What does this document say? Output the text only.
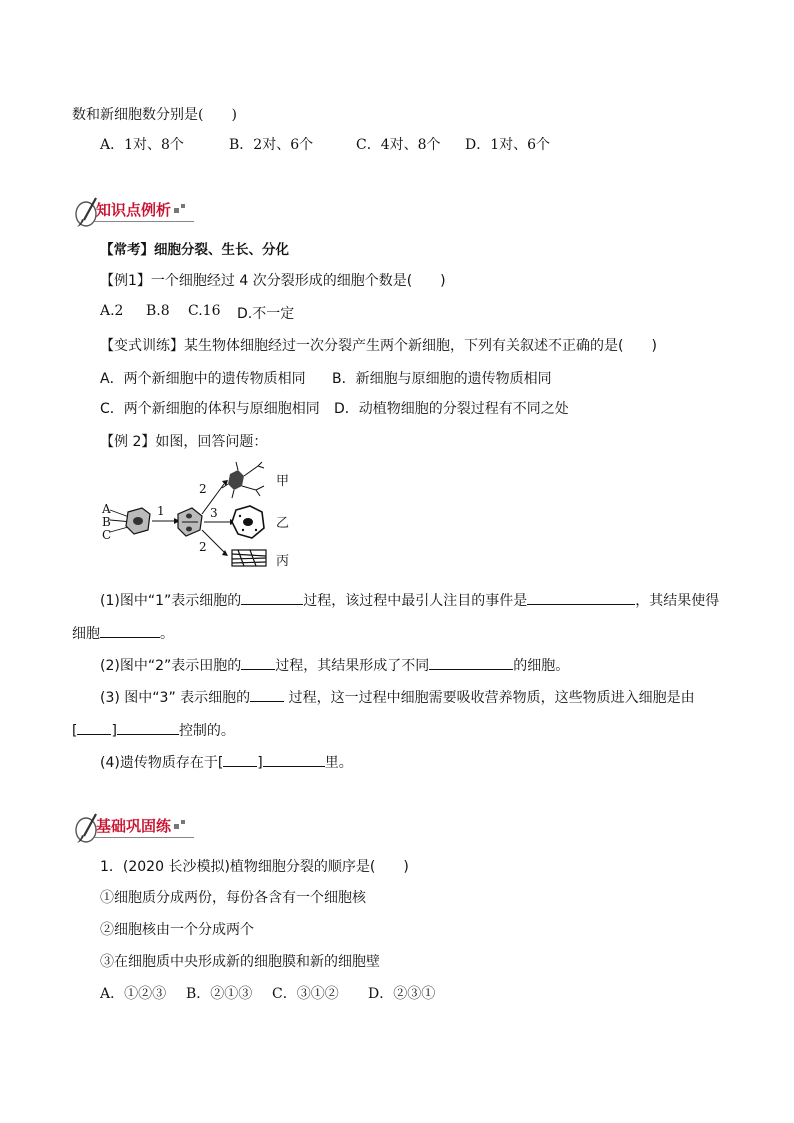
数和新细胞数分别是(　　)
A．1对、8个	B．2对、6个	C．4对、8个 D．1对、6个
知识点例析
【常考】细胞分裂、生长、分化
【例1】一个细胞经过 4 次分裂形成的细胞个数是(　　)
A.2 B.8 C.16 D.不一定
【变式训练】某生物体细胞经过一次分裂产生两个新细胞，下列有关叙述不正确的是(　　)
A．两个新细胞中的遗传物质相同 B．新细胞与原细胞的遗传物质相同
C．两个新细胞的体积与原细胞相同 D．动植物细胞的分裂过程有不同之处
【例 2】如图，回答问题：
A
B
C
1
2
3
2
甲
乙
丙
(1)图中“1”表示细胞的	过程，该过程中最引人注目的事件是	，其结果使得
细胞	。
(2)图中“2”表示田胞的 过程，其结果形成了不同	的细胞。
(3) 图中“3” 表示细胞的 过程，这一过程中细胞需要吸收营养物质，这些物质进入细胞是由
[ ]	控制的。
(4)遗传物质存在于[ ]	里。
基础巩固练
1．(2020 长沙模拟)植物细胞分裂的顺序是(　　)
①细胞质分成两份，每份各含有一个细胞核
②细胞核由一个分成两个
③在细胞质中央形成新的细胞膜和新的细胞壁
A．①②③ B．②①③ C．③①② D．②③①
